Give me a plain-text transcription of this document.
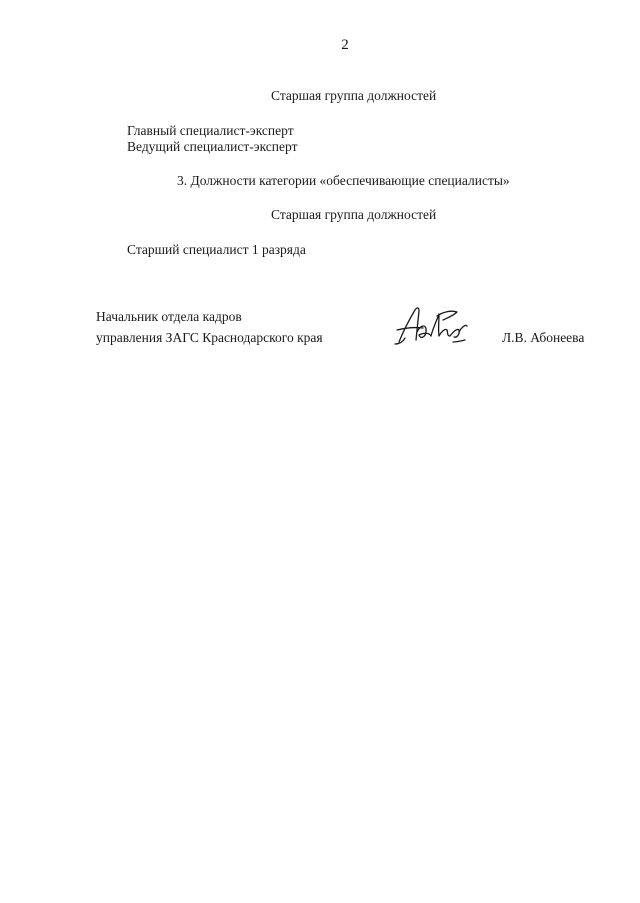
2
Старшая группа должностей
Главный специалист-эксперт
Ведущий специалист-эксперт
3. Должности категории «обеспечивающие специалисты»
Старшая группа должностей
Старший специалист 1 разряда
Начальник отдела кадров
управления ЗАГС Краснодарского края	Л.В. Абонеева
